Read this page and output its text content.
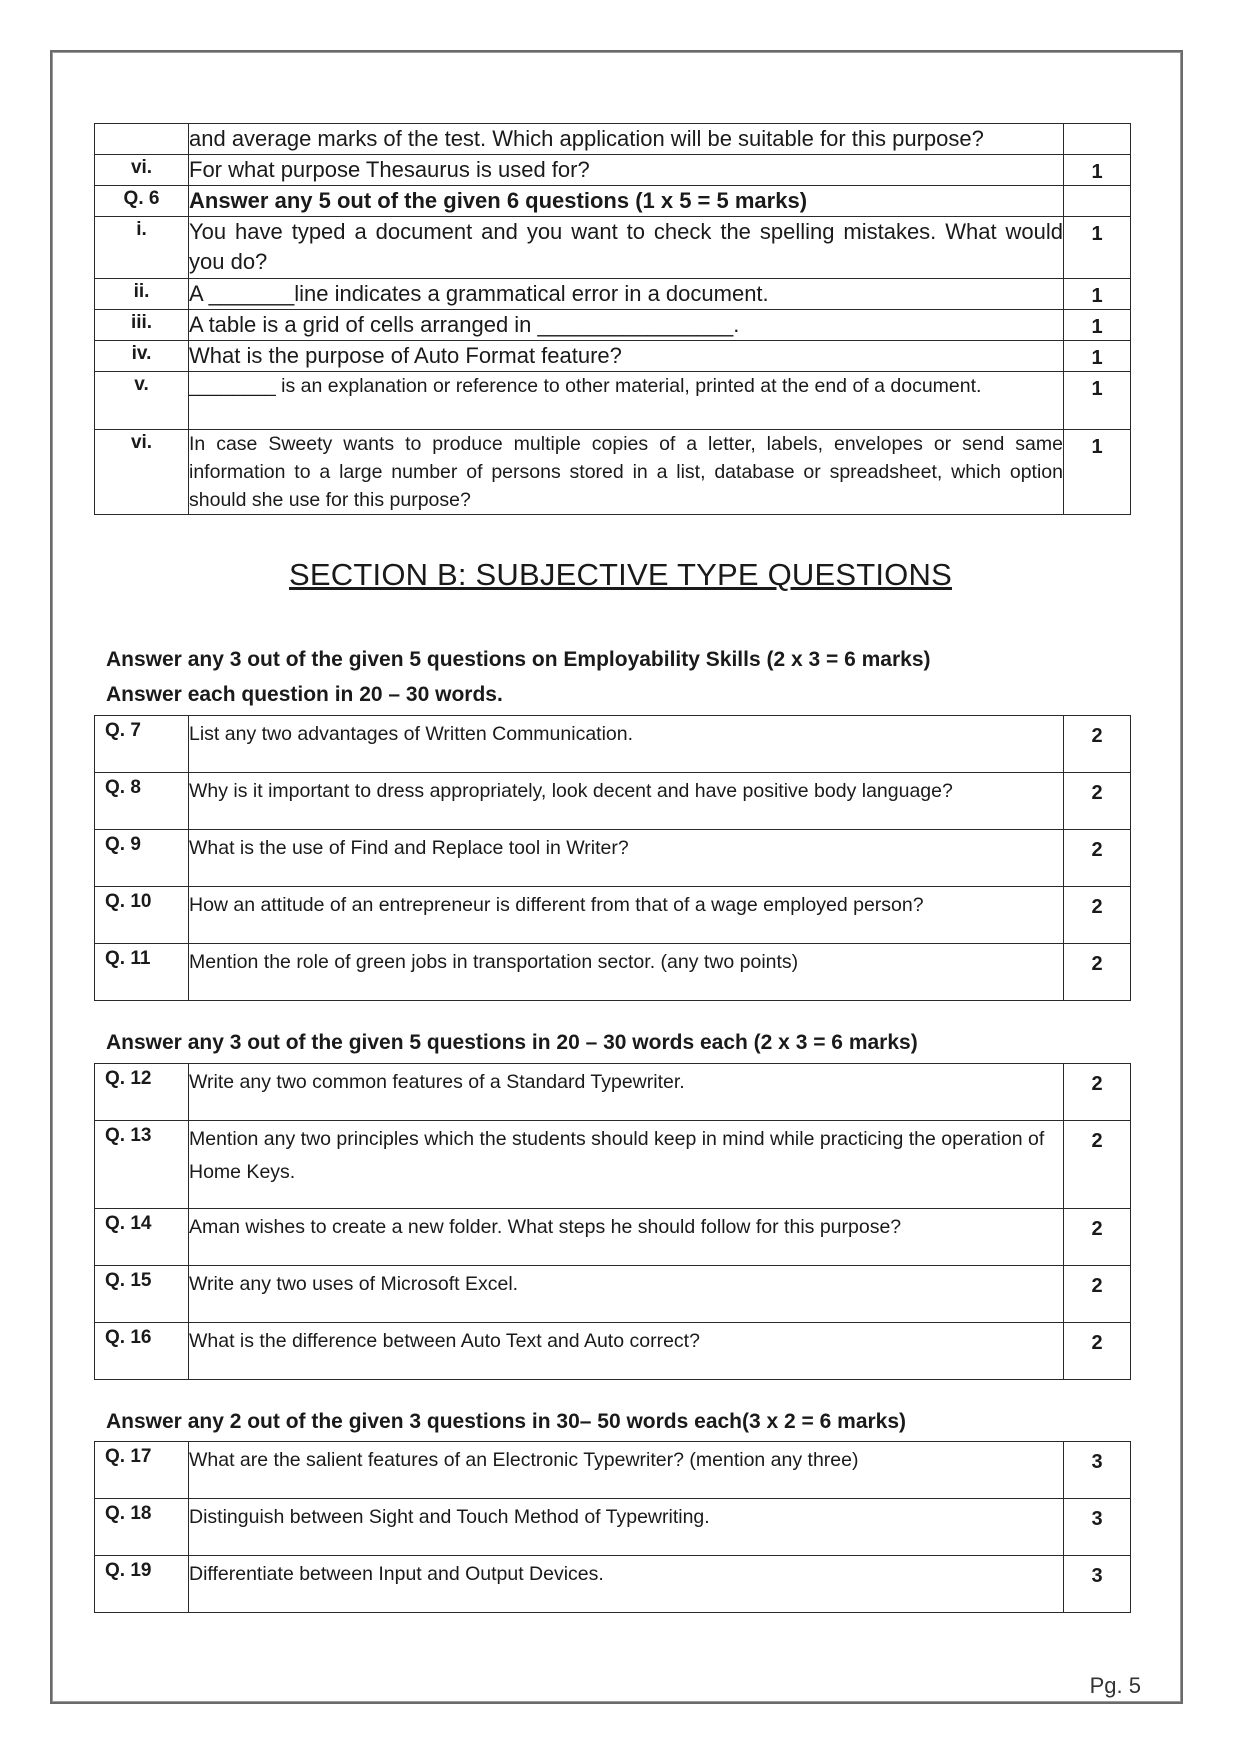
	and average marks of the test. Which application will be suitable for this purpose?	
vi.	For what purpose Thesaurus is used for?	1
Q. 6	Answer any 5 out of the given 6 questions (1 x 5 = 5 marks)	
i.	You have typed a document and you want to check the spelling mistakes. What would you do?	1
ii.	A _______line indicates a grammatical error in a document.	1
iii.	A table is a grid of cells arranged in ________________.	1
iv.	What is the purpose of Auto Format feature?	1
v.	________ is an explanation or reference to other material, printed at the end of a document.	1
vi.	In case Sweety wants to produce multiple copies of a letter, labels, envelopes or send same information to a large number of persons stored in a list, database or spreadsheet, which option should she use for this purpose?	1
SECTION B: SUBJECTIVE TYPE QUESTIONS
Answer any 3 out of the given 5 questions on Employability Skills (2 x 3 = 6 marks)
Answer each question in 20 – 30 words.
Q. 7	List any two advantages of Written Communication.	2
Q. 8	Why is it important to dress appropriately, look decent and have positive body language?	2
Q. 9	What is the use of Find and Replace tool in Writer?	2
Q. 10	How an attitude of an entrepreneur is different from that of a wage employed person?	2
Q. 11	Mention the role of green jobs in transportation sector. (any two points)	2
Answer any 3 out of the given 5 questions in 20 – 30 words each (2 x 3 = 6 marks)
Q. 12	Write any two common features of a Standard Typewriter.	2
Q. 13	Mention any two principles which the students should keep in mind while practicing the operation of Home Keys.	2
Q. 14	Aman wishes to create a new folder. What steps he should follow for this purpose?	2
Q. 15	Write any two uses of Microsoft Excel.	2
Q. 16	What is the difference between Auto Text and Auto correct?	2
Answer any 2 out of the given 3 questions in 30– 50 words each(3 x 2 = 6 marks)
Q. 17	What are the salient features of an Electronic Typewriter? (mention any three)	3
Q. 18	Distinguish between Sight and Touch Method of Typewriting.	3
Q. 19	Differentiate between Input and Output Devices.	3
Pg. 5
